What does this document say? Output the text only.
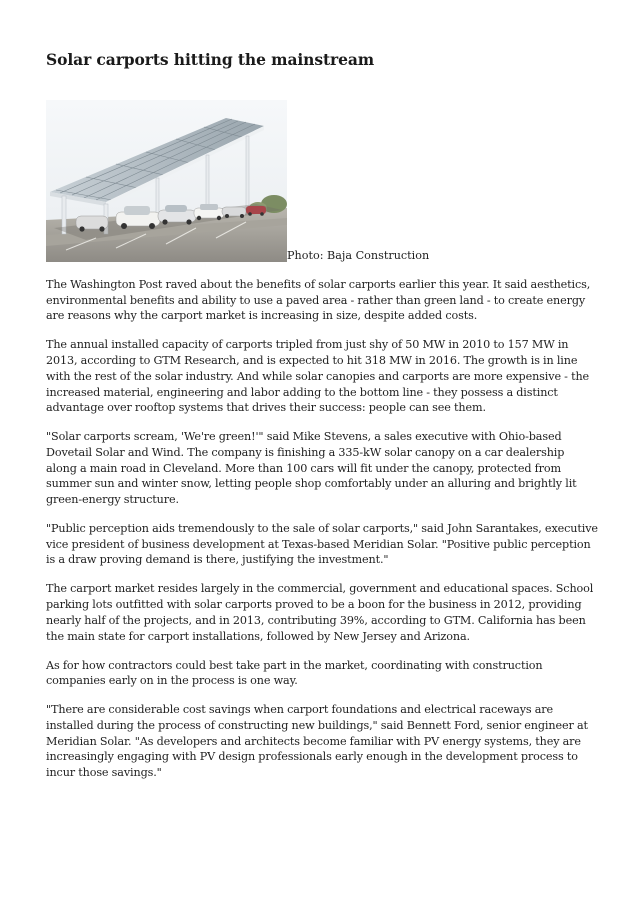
Solar carports hitting the mainstream
Photo: Baja Construction

The Washington Post raved about the benefits of solar carports earlier this year. It said aesthetics, environmental benefits and ability to use a paved area - rather than green land - to create energy are reasons why the carport market is increasing in size, despite added costs.

The annual installed capacity of carports tripled from just shy of 50 MW in 2010 to 157 MW in 2013, according to GTM Research, and is expected to hit 318 MW in 2016. The growth is in line with the rest of the solar industry. And while solar canopies and carports are more expensive - the increased material, engineering and labor adding to the bottom line - they possess a distinct advantage over rooftop systems that drives their success: people can see them.

"Solar carports scream, 'We're green!'" said Mike Stevens, a sales executive with Ohio-based Dovetail Solar and Wind. The company is finishing a 335-kW solar canopy on a car dealership along a main road in Cleveland. More than 100 cars will fit under the canopy, protected from summer sun and winter snow, letting people shop comfortably under an alluring and brightly lit green-energy structure.

"Public perception aids tremendously to the sale of solar carports," said John Sarantakes, executive vice president of business development at Texas-based Meridian Solar. "Positive public perception is a draw proving demand is there, justifying the investment."

The carport market resides largely in the commercial, government and educational spaces. School parking lots outfitted with solar carports proved to be a boon for the business in 2012, providing nearly half of the projects, and in 2013, contributing 39%, according to GTM. California has been the main state for carport installations, followed by New Jersey and Arizona.

As for how contractors could best take part in the market, coordinating with construction companies early on in the process is one way.

"There are considerable cost savings when carport foundations and electrical raceways are installed during the process of constructing new buildings," said Bennett Ford, senior engineer at Meridian Solar. "As developers and architects become familiar with PV energy systems, they are increasingly engaging with PV design professionals early enough in the development process to incur those savings."
